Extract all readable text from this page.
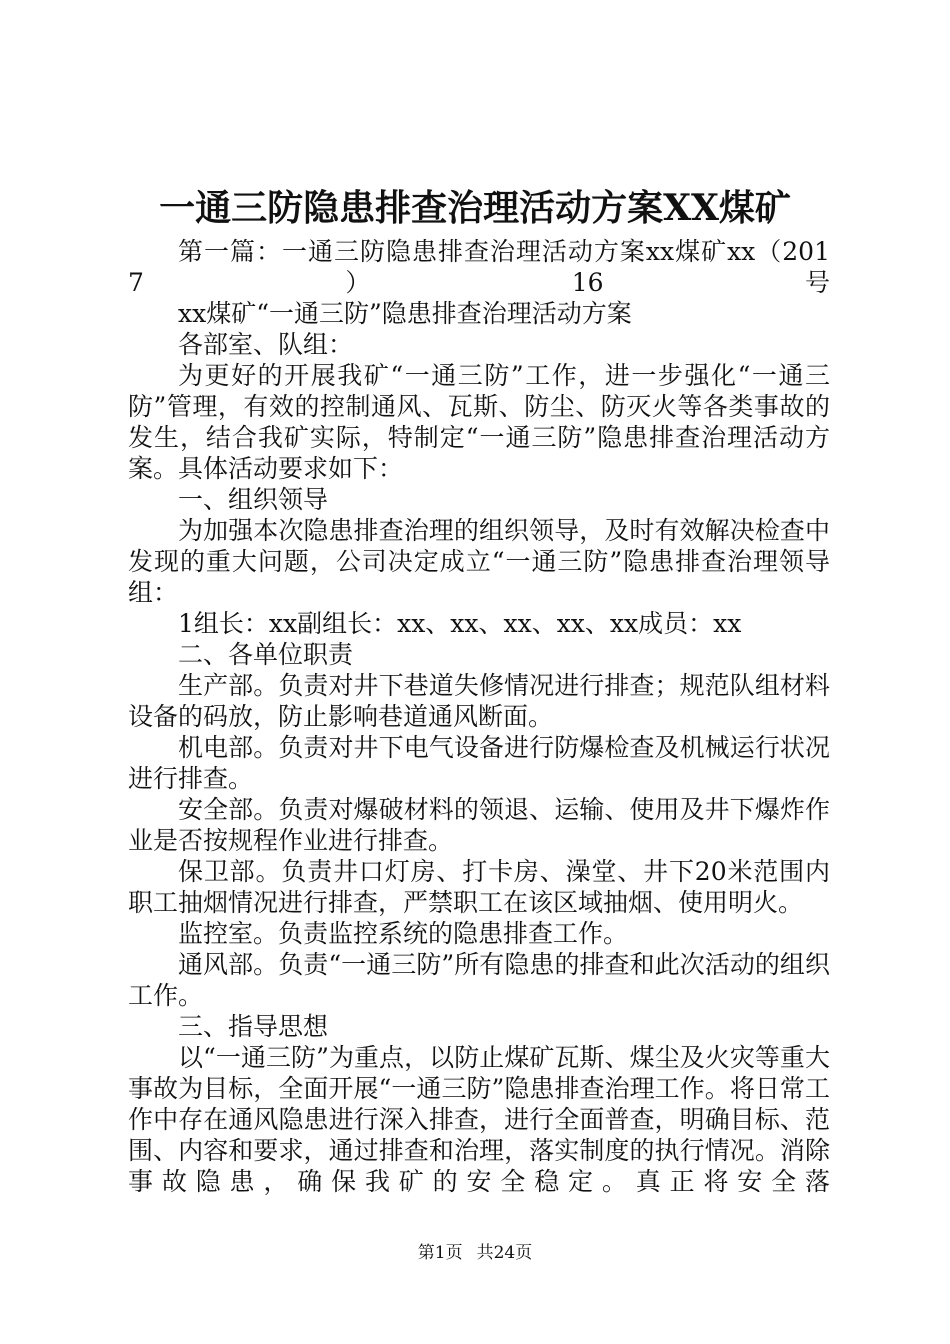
一通三防隐患排查治理活动方案XX煤矿

第一篇：一通三防隐患排查治理活动方案xx煤矿xx（2017）16号

xx煤矿“一通三防”隐患排查治理活动方案

各部室、队组：

为更好的开展我矿“一通三防”工作，进一步强化“一通三防”管理，有效的控制通风、瓦斯、防尘、防灭火等各类事故的发生，结合我矿实际，特制定“一通三防”隐患排查治理活动方案。具体活动要求如下：

一、组织领导

为加强本次隐患排查治理的组织领导，及时有效解决检查中发现的重大问题，公司决定成立“一通三防”隐患排查治理领导组：

1组长：xx副组长：xx、xx、xx、xx、xx成员：xx

二、各单位职责

生产部。负责对井下巷道失修情况进行排查；规范队组材料设备的码放，防止影响巷道通风断面。

机电部。负责对井下电气设备进行防爆检查及机械运行状况进行排查。

安全部。负责对爆破材料的领退、运输、使用及井下爆炸作业是否按规程作业进行排查。

保卫部。负责井口灯房、打卡房、澡堂、井下20米范围内职工抽烟情况进行排查，严禁职工在该区域抽烟、使用明火。

监控室。负责监控系统的隐患排查工作。

通风部。负责“一通三防”所有隐患的排查和此次活动的组织工作。

三、指导思想

以“一通三防”为重点，以防止煤矿瓦斯、煤尘及火灾等重大事故为目标，全面开展“一通三防”隐患排查治理工作。将日常工作中存在通风隐患进行深入排查，进行全面普查，明确目标、范围、内容和要求，通过排查和治理，落实制度的执行情况。消除事故隐患，确保我矿的安全稳定。真正将安全落

第1页 共24页
